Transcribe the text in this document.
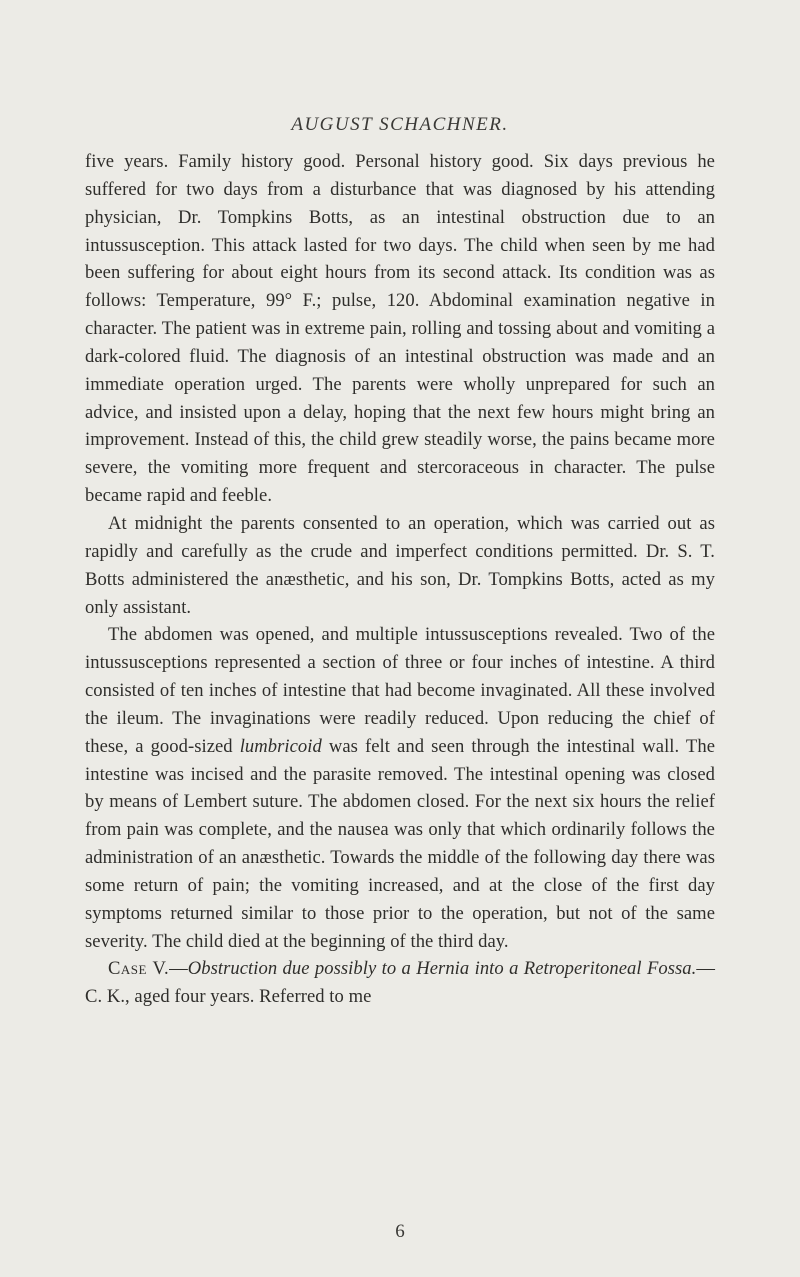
AUGUST SCHACHNER.

five years. Family history good. Personal history good. Six days previous he suffered for two days from a disturbance that was diagnosed by his attending physician, Dr. Tompkins Botts, as an intestinal obstruction due to an intussusception. This attack lasted for two days. The child when seen by me had been suffering for about eight hours from its second attack. Its condition was as follows: Temperature, 99° F.; pulse, 120. Abdominal examination negative in character. The patient was in extreme pain, rolling and tossing about and vomiting a dark-colored fluid. The diagnosis of an intestinal obstruction was made and an immediate operation urged. The parents were wholly unprepared for such an advice, and insisted upon a delay, hoping that the next few hours might bring an improvement. Instead of this, the child grew steadily worse, the pains became more severe, the vomiting more frequent and stercoraceous in character. The pulse became rapid and feeble.

At midnight the parents consented to an operation, which was carried out as rapidly and carefully as the crude and imperfect conditions permitted. Dr. S. T. Botts administered the anæsthetic, and his son, Dr. Tompkins Botts, acted as my only assistant.

The abdomen was opened, and multiple intussusceptions revealed. Two of the intussusceptions represented a section of three or four inches of intestine. A third consisted of ten inches of intestine that had become invaginated. All these involved the ileum. The invaginations were readily reduced. Upon reducing the chief of these, a good-sized lumbricoid was felt and seen through the intestinal wall. The intestine was incised and the parasite removed. The intestinal opening was closed by means of Lembert suture. The abdomen closed. For the next six hours the relief from pain was complete, and the nausea was only that which ordinarily follows the administration of an anæsthetic. Towards the middle of the following day there was some return of pain; the vomiting increased, and at the close of the first day symptoms returned similar to those prior to the operation, but not of the same severity. The child died at the beginning of the third day.

Case V.—Obstruction due possibly to a Hernia into a Retroperitoneal Fossa.—C. K., aged four years. Referred to me

6
